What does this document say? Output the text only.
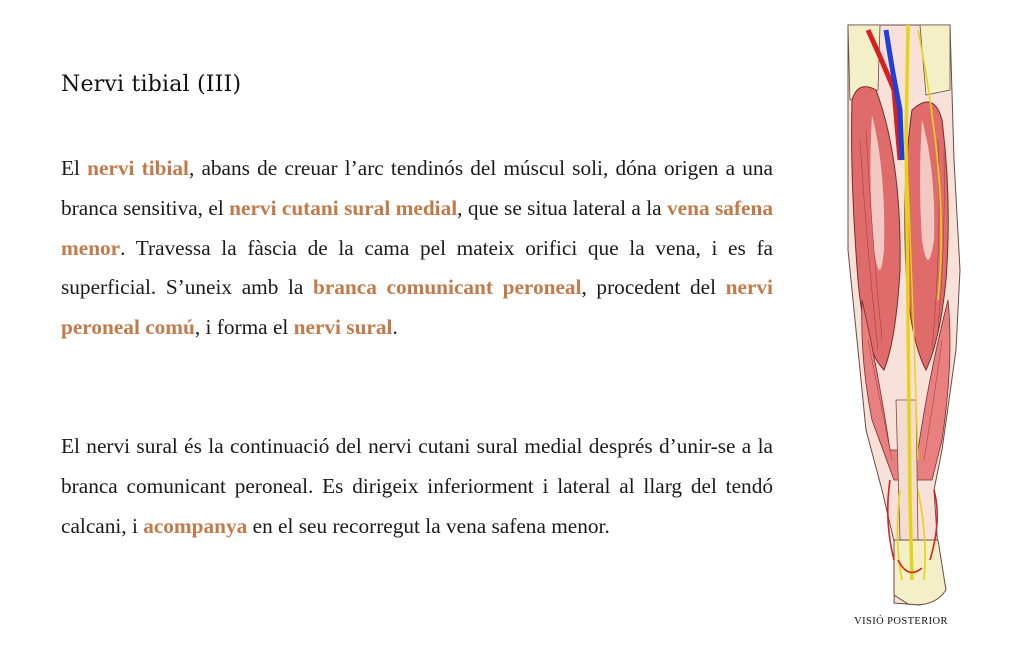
Nervi tibial (III)

El nervi tibial, abans de creuar l’arc tendinós del múscul soli, dóna origen a una branca sensitiva, el nervi cutani sural medial, que se situa lateral a la vena safena menor. Travessa la fàscia de la cama pel mateix orifici que la vena, i es fa superficial. S’uneix amb la branca comunicant peroneal, procedent del nervi peroneal comú, i forma el nervi sural.

El nervi sural és la continuació del nervi cutani sural medial després d’unir-se a la branca comunicant peroneal. Es dirigeix inferiorment i lateral al llarg del tendó calcani, i acompanya en el seu recorregut la vena safena menor.

VISIÓ POSTERIOR
